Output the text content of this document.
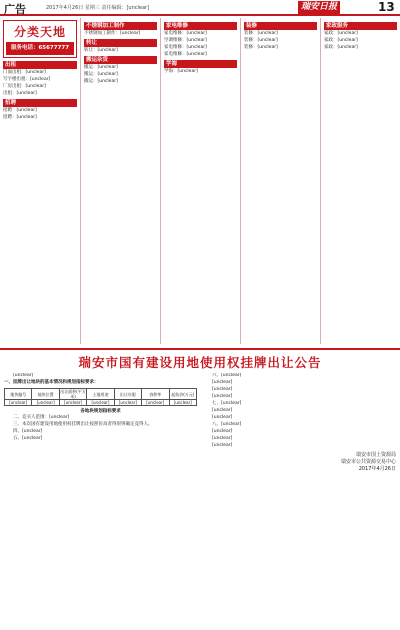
广告	2017年4月26日 星期三 责任编辑：[unclear]	瑞安日报	13
分类天地
服务电话：65677777
出租

门面出租：[unclear]

写字楼出租：[unclear]

厂房出租：[unclear]

出租：[unclear]

招聘

招聘：[unclear]

招聘：[unclear]

不锈钢加工制作

不锈钢加工制作：[unclear]

转让

转让：[unclear]

搬运杂货

搬运：[unclear]

搬运：[unclear]

搬运：[unclear]

家电维修

家电维修：[unclear]

空调维修：[unclear]

家电维修：[unclear]

家电维修：[unclear]

学海

学海：[unclear]

装修

装修：[unclear]

装修：[unclear]

装修：[unclear]

家政服务

家政：[unclear]

家政：[unclear]

家政：[unclear]

瑞安市国有建设用地使用权挂牌出让公告

[unclear]

一、挂牌出让地块的基本情况和规划指标要求：

地块编号	地块位置	出让面积(平方米)	土地用途	出让年限	容积率	起始价(万元)
[unclear]	[unclear]	[unclear]	[unclear]	[unclear]	[unclear]	[unclear]

各地块规划指标要求

二、竞买人范围：[unclear]

三、本次国有建设用地使用权挂牌出让按照价高者得原则确定竞得人。

四、[unclear]

五、[unclear]

六、[unclear]

[unclear]

[unclear]

[unclear]

七、[unclear]

[unclear]

[unclear]

八、[unclear]

[unclear]

[unclear]

[unclear]

瑞安市国土资源局
瑞安市公共资源交易中心
2017年4月26日
